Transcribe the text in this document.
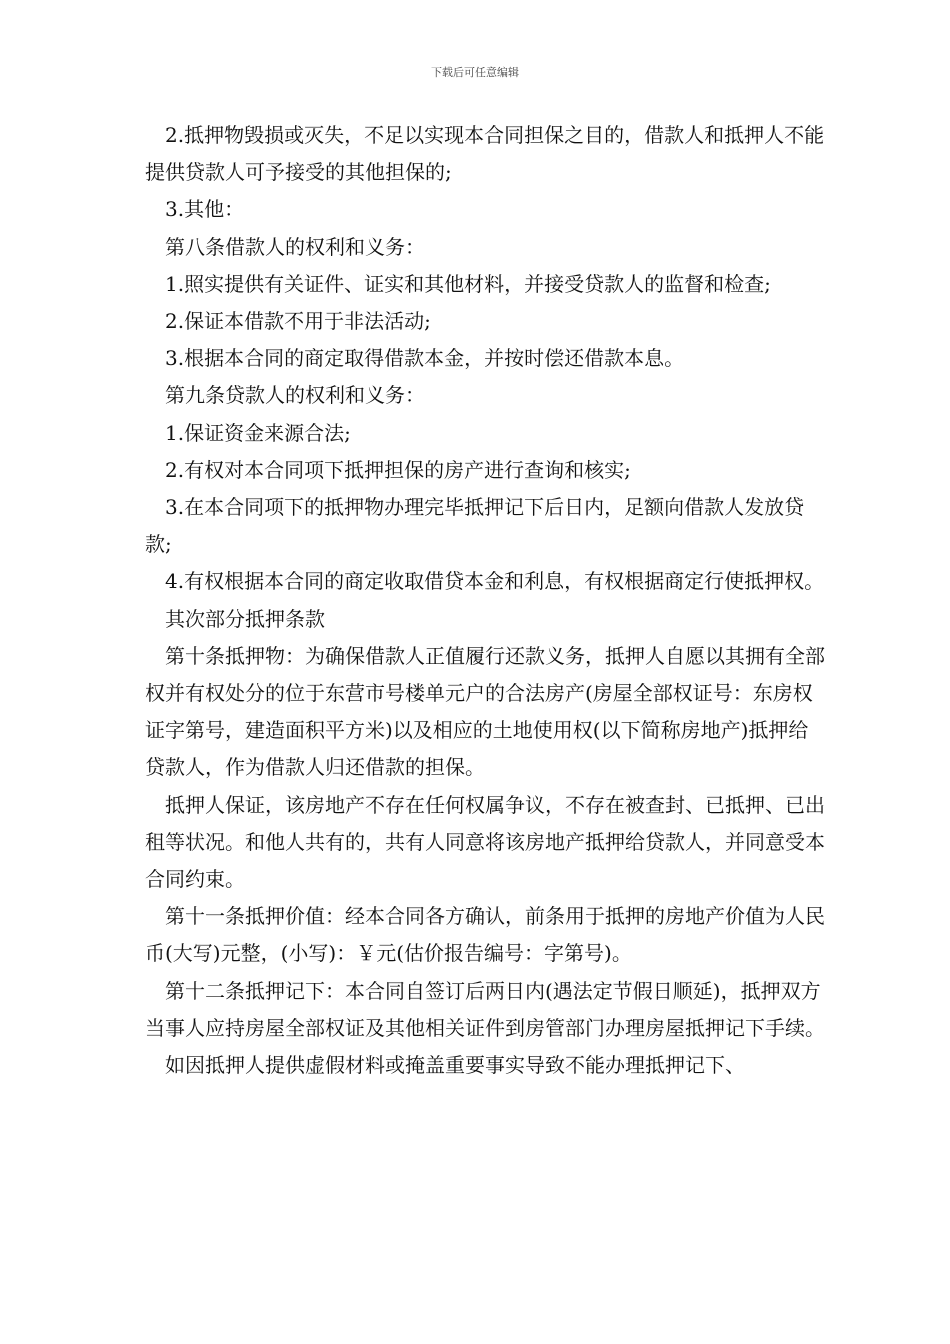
下载后可任意编辑

2.抵押物毁损或灭失，不足以实现本合同担保之目的，借款人和抵押人不能提供贷款人可予接受的其他担保的;

3.其他：

第八条借款人的权利和义务：

1.照实提供有关证件、证实和其他材料，并接受贷款人的监督和检查;

2.保证本借款不用于非法活动;

3.根据本合同的商定取得借款本金，并按时偿还借款本息。

第九条贷款人的权利和义务：

1.保证资金来源合法;

2.有权对本合同项下抵押担保的房产进行查询和核实;

3.在本合同项下的抵押物办理完毕抵押记下后日内，足额向借款人发放贷款;

4.有权根据本合同的商定收取借贷本金和利息，有权根据商定行使抵押权。

其次部分抵押条款

第十条抵押物：为确保借款人正值履行还款义务，抵押人自愿以其拥有全部权并有权处分的位于东营市号楼单元户的合法房产(房屋全部权证号：东房权证字第号，建造面积平方米)以及相应的土地使用权(以下简称房地产)抵押给贷款人，作为借款人归还借款的担保。

抵押人保证，该房地产不存在任何权属争议，不存在被查封、已抵押、已出租等状况。和他人共有的，共有人同意将该房地产抵押给贷款人，并同意受本合同约束。

第十一条抵押价值：经本合同各方确认，前条用于抵押的房地产价值为人民币(大写)元整，(小写)：￥元(估价报告编号：字第号)。

第十二条抵押记下：本合同自签订后两日内(遇法定节假日顺延)，抵押双方当事人应持房屋全部权证及其他相关证件到房管部门办理房屋抵押记下手续。

如因抵押人提供虚假材料或掩盖重要事实导致不能办理抵押记下、
